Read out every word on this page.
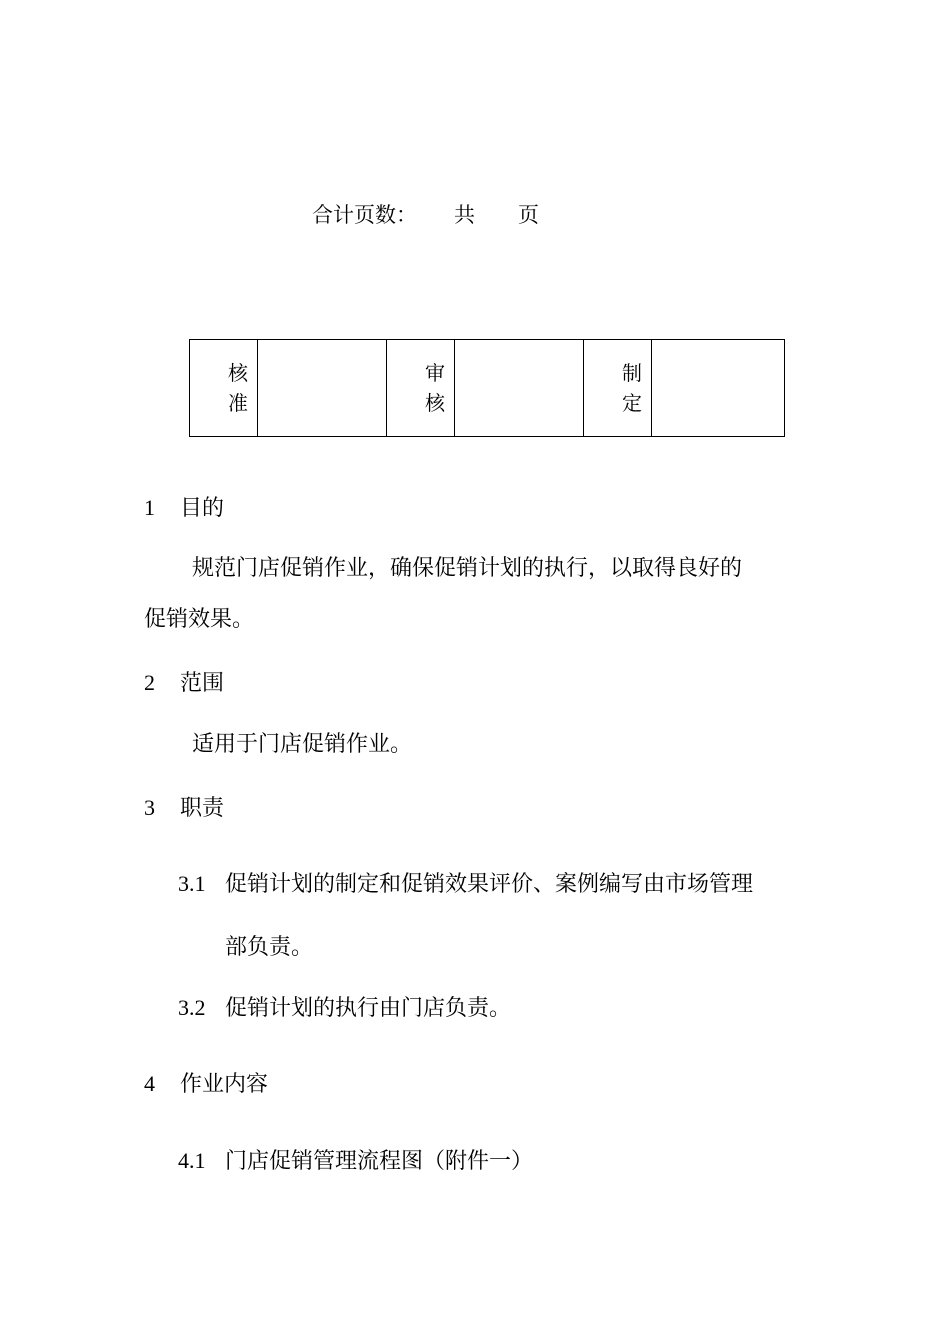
合计页数： 共 页
核准		审核		制定	
1 目的
规范门店促销作业，确保促销计划的执行，以取得良好的
促销效果。
2 范围
适用于门店促销作业。
3 职责
3.1 促销计划的制定和促销效果评价、案例编写由市场管理
部负责。
3.2 促销计划的执行由门店负责。
4 作业内容
4.1 门店促销管理流程图（附件一）
